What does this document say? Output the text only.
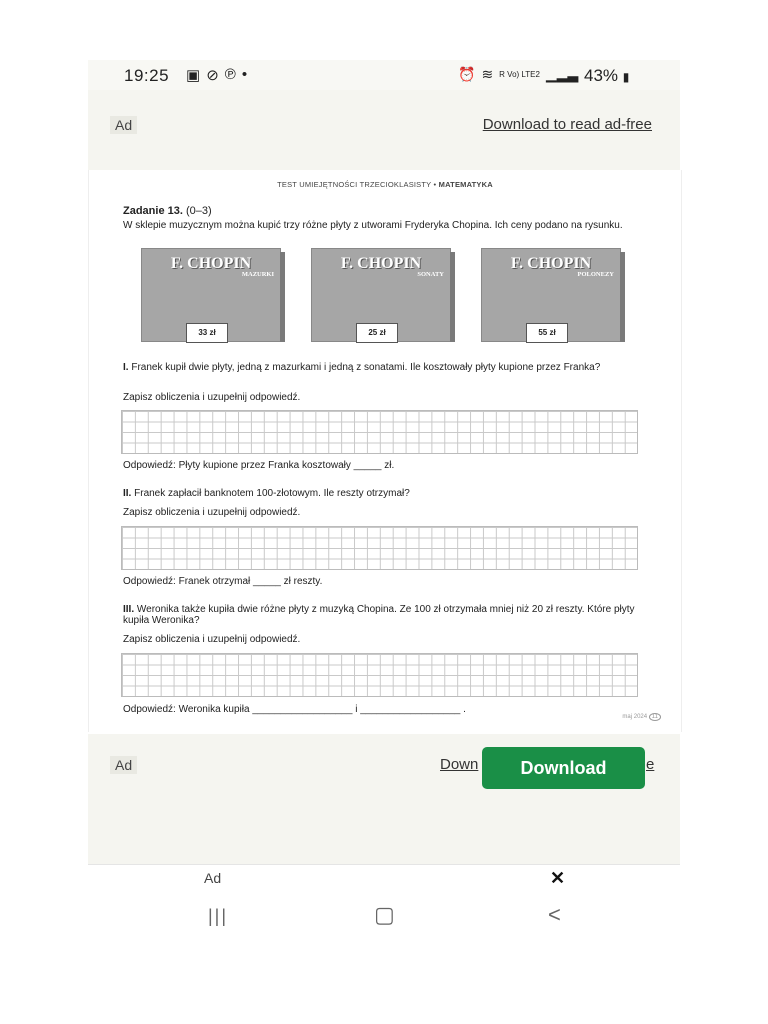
19:25 ▣ ⊘ ℗ •	⏰ ≋ R Vo) LTE2 ▁▂▃ 43% ▮
Ad	Download to read ad-free
TEST UMIEJĘTNOŚCI TRZECIOKLASISTY • MATEMATYKA
Zadanie 13. (0–3)
W sklepie muzycznym można kupić trzy różne płyty z utworami Fryderyka Chopina. Ich ceny podano na rysunku.
F. CHOPIN
MAZURKI
33 zł
F. CHOPIN
SONATY
25 zł
F. CHOPIN
POLONEZY
55 zł
I. Franek kupił dwie płyty, jedną z mazurkami i jedną z sonatami. Ile kosztowały płyty kupione przez Franka?
Zapisz obliczenia i uzupełnij odpowiedź.
Odpowiedź: Płyty kupione przez Franka kosztowały _____ zł.
II. Franek zapłacił banknotem 100-złotowym. Ile reszty otrzymał?
Zapisz obliczenia i uzupełnij odpowiedź.
Odpowiedź: Franek otrzymał _____ zł reszty.
III. Weronika także kupiła dwie różne płyty z muzyką Chopina. Ze 100 zł otrzymała mniej niż 20 zł reszty. Które płyty kupiła Weronika?
Zapisz obliczenia i uzupełnij odpowiedź.
Odpowiedź: Weronika kupiła __________________ i __________________ .
maj 2024 11
Ad	Down	e
Download
Ad	✕
|||	▢	<
